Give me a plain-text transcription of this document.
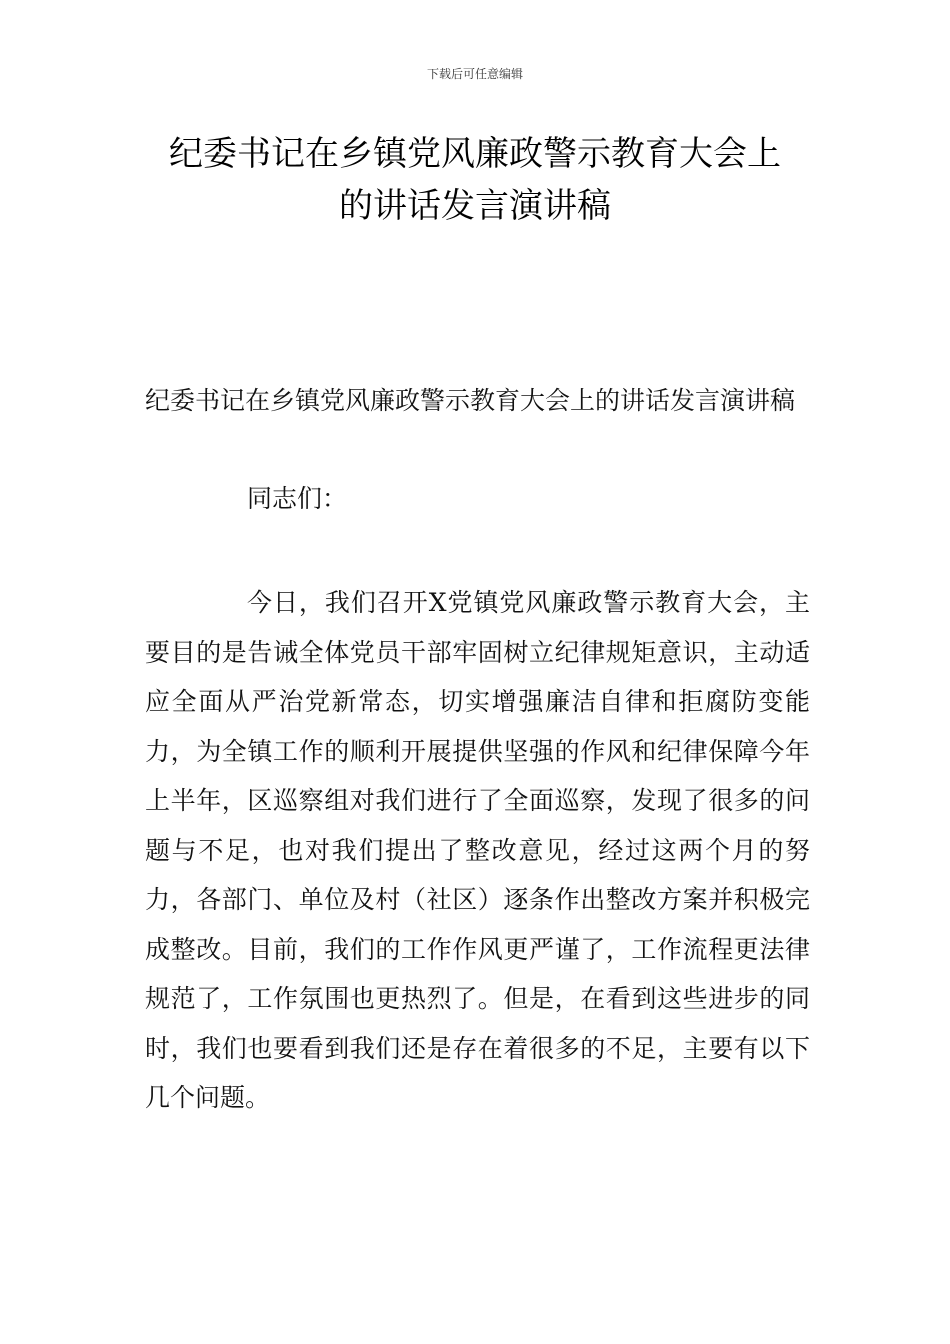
下载后可任意编辑
纪委书记在乡镇党风廉政警示教育大会上
的讲话发言演讲稿
纪委书记在乡镇党风廉政警示教育大会上的讲话发言演讲稿
同志们：
今日，我们召开X党镇党风廉政警示教育大会，主要目的是告诫全体党员干部牢固树立纪律规矩意识，主动适应全面从严治党新常态，切实增强廉洁自律和拒腐防变能力，为全镇工作的顺利开展提供坚强的作风和纪律保障今年上半年，区巡察组对我们进行了全面巡察，发现了很多的问题与不足，也对我们提出了整改意见，经过这两个月的努力，各部门、单位及村（社区）逐条作出整改方案并积极完成整改。目前，我们的工作作风更严谨了，工作流程更法律规范了，工作氛围也更热烈了。但是，在看到这些进步的同时，我们也要看到我们还是存在着很多的不足，主要有以下几个问题。
